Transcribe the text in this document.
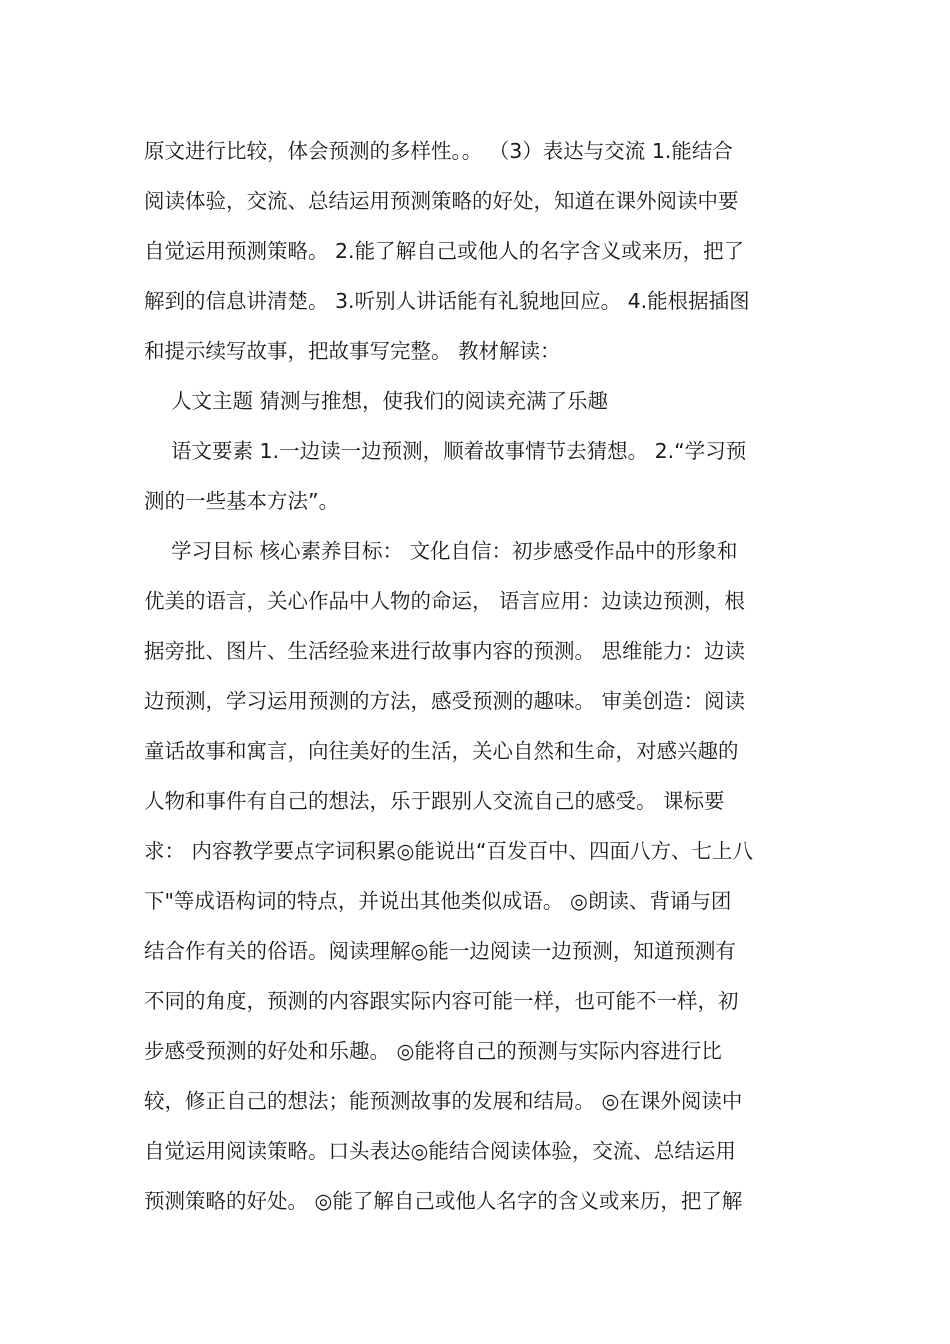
原文进行比较，体会预测的多样性。。 （3）表达与交流 1.能结合
阅读体验，交流、总结运用预测策略的好处，知道在课外阅读中要
自觉运用预测策略。 2.能了解自己或他人的名字含义或来历，把了
解到的信息讲清楚。 3.听别人讲话能有礼貌地回应。 4.能根据插图
和提示续写故事，把故事写完整。 教材解读：
人文主题 猜测与推想，使我们的阅读充满了乐趣
语文要素 1.一边读一边预测，顺着故事情节去猜想。 2.“学习预
测的一些基本方法”。
学习目标 核心素养目标： 文化自信：初步感受作品中的形象和
优美的语言，关心作品中人物的命运， 语言应用：边读边预测，根
据旁批、图片、生活经验来进行故事内容的预测。 思维能力：边读
边预测，学习运用预测的方法，感受预测的趣味。 审美创造：阅读
童话故事和寓言，向往美好的生活，关心自然和生命，对感兴趣的
人物和事件有自己的想法，乐于跟别人交流自己的感受。 课标要
求： 内容教学要点字词积累◎能说出“百发百中、四面八方、七上八
下"等成语构词的特点，并说出其他类似成语。 ◎朗读、背诵与团
结合作有关的俗语。阅读理解◎能一边阅读一边预测，知道预测有
不同的角度，预测的内容跟实际内容可能一样，也可能不一样，初
步感受预测的好处和乐趣。 ◎能将自己的预测与实际内容进行比
较，修正自己的想法；能预测故事的发展和结局。 ◎在课外阅读中
自觉运用阅读策略。口头表达◎能结合阅读体验，交流、总结运用
预测策略的好处。 ◎能了解自己或他人名字的含义或来历，把了解
